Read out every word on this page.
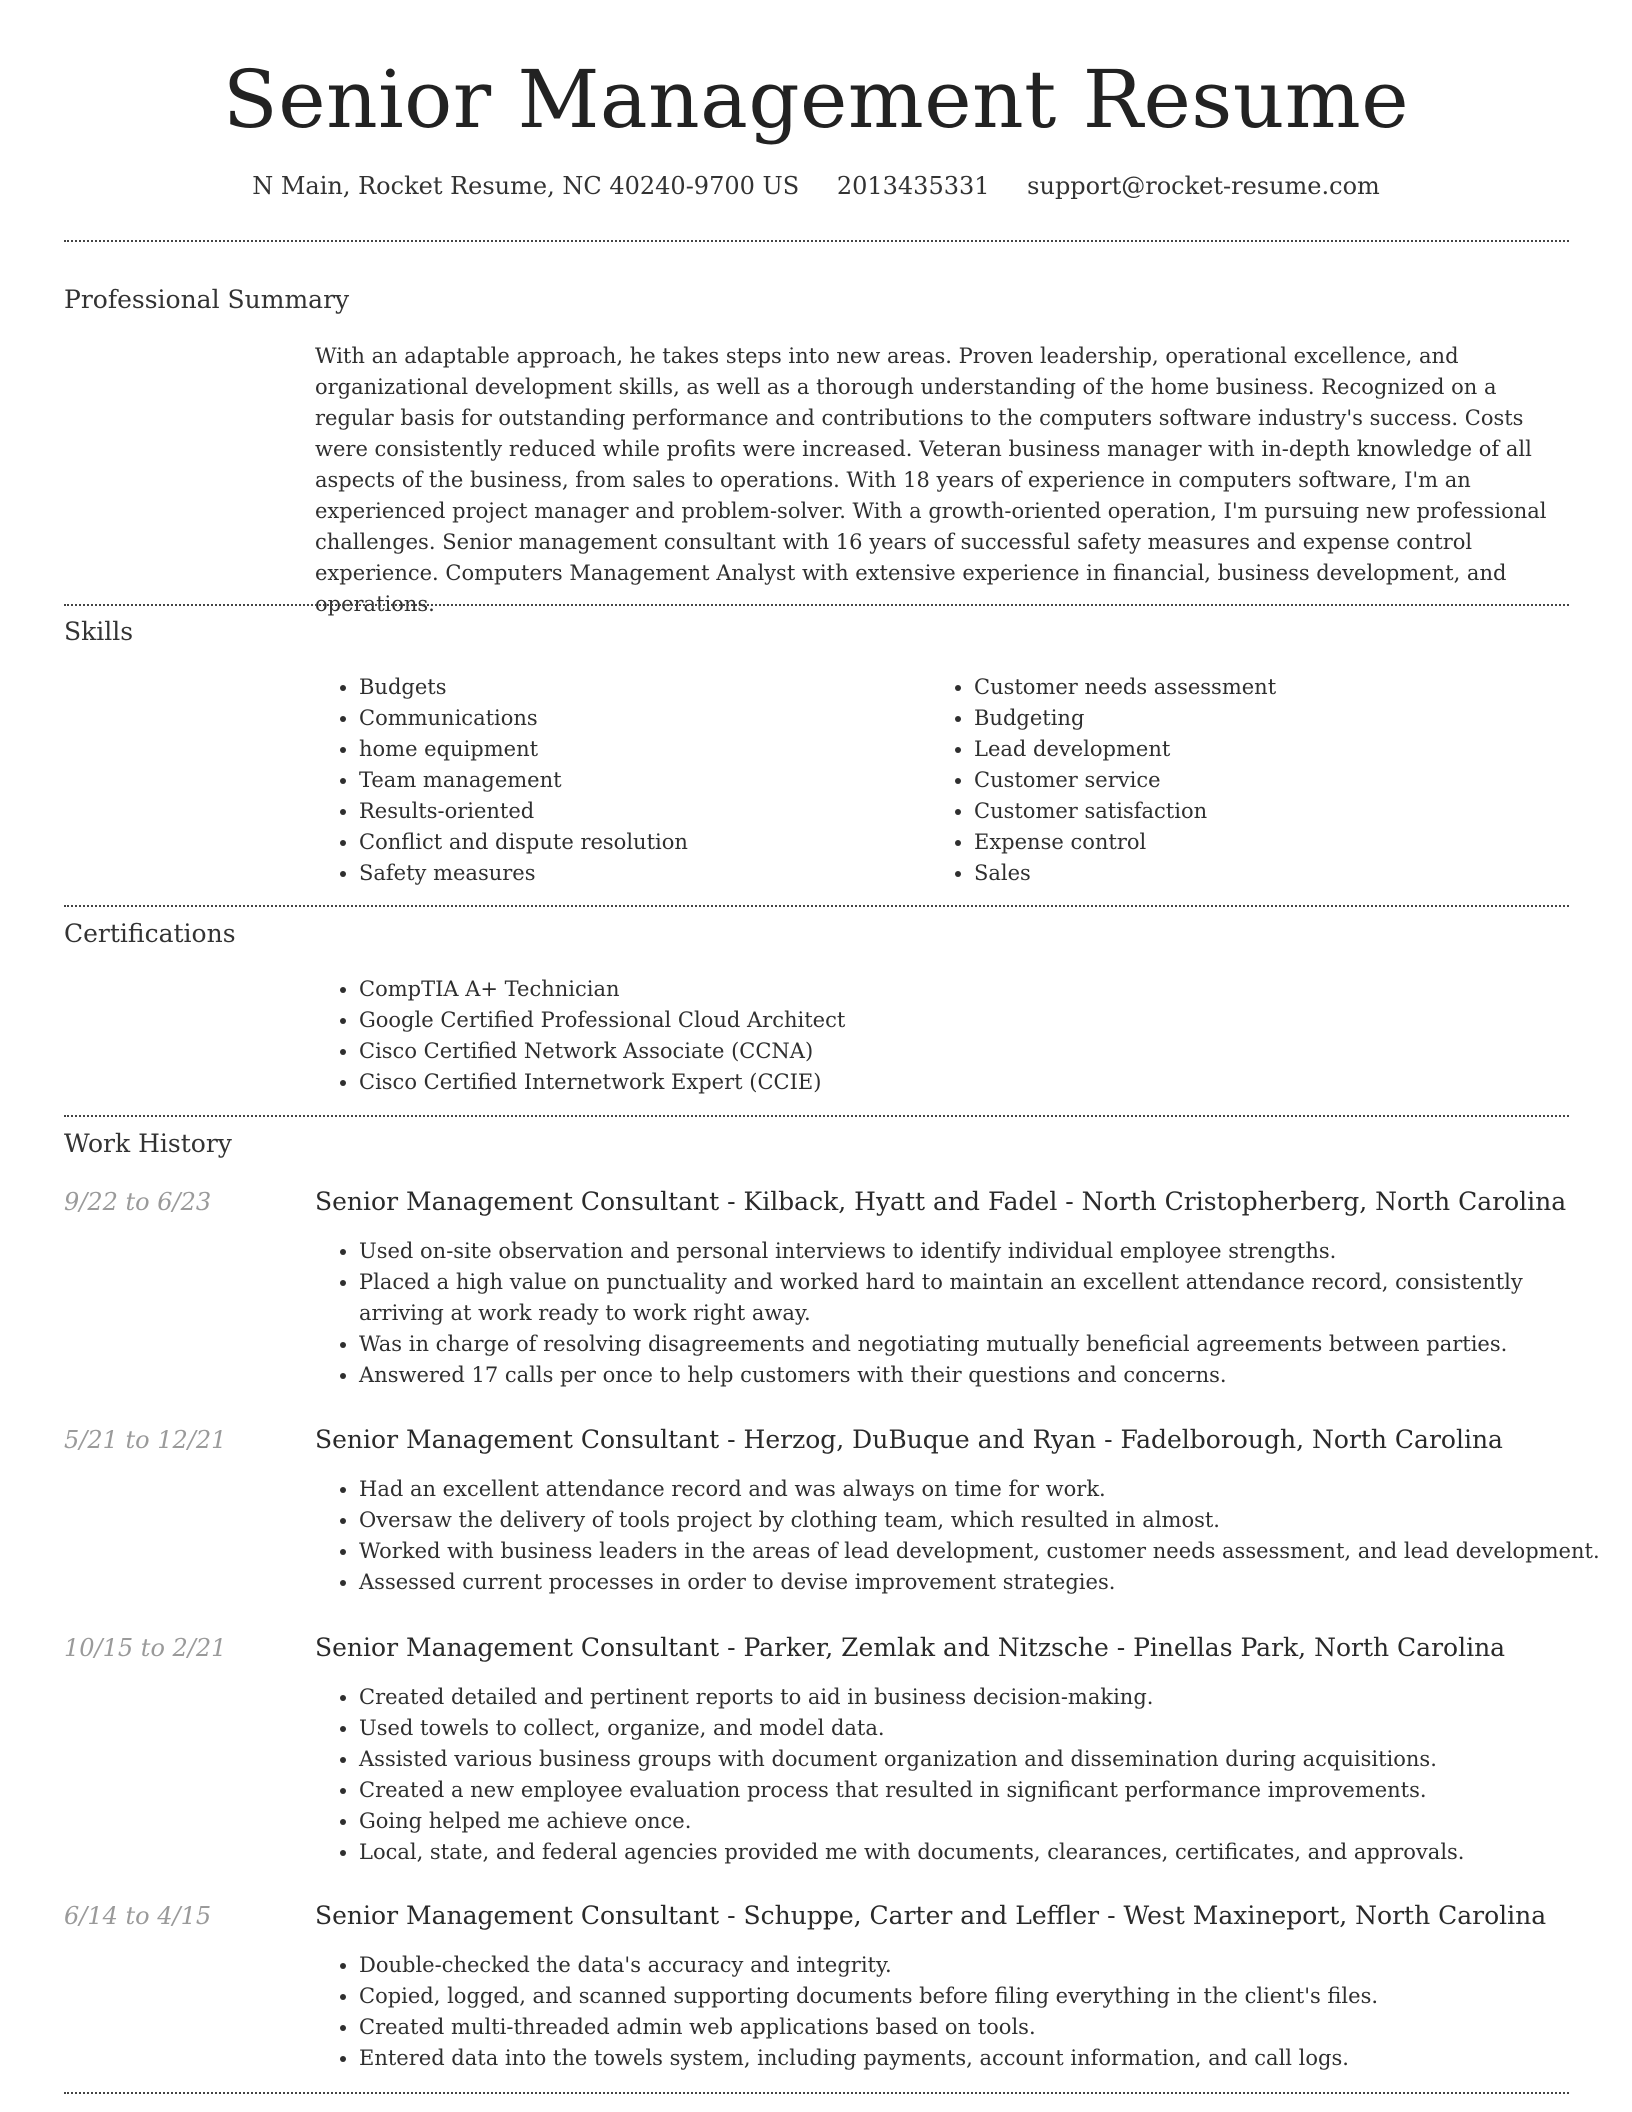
Senior Management Resume
N Main, Rocket Resume, NC 40240-9700 US 2013435331 support@rocket-resume.com
Professional Summary

With an adaptable approach, he takes steps into new areas. Proven leadership, operational excellence, and organizational development skills, as well as a thorough understanding of the home business. Recognized on a regular basis for outstanding performance and contributions to the computers software industry's success. Costs were consistently reduced while profits were increased. Veteran business manager with in-depth knowledge of all aspects of the business, from sales to operations. With 18 years of experience in computers software, I'm an experienced project manager and problem-solver. With a growth-oriented operation, I'm pursuing new professional challenges. Senior management consultant with 16 years of successful safety measures and expense control experience. Computers Management Analyst with extensive experience in financial, business development, and operations.

Skills
• Budgets
• Communications
• home equipment
• Team management
• Results-oriented
• Conflict and dispute resolution
• Safety measures
• Customer needs assessment
• Budgeting
• Lead development
• Customer service
• Customer satisfaction
• Expense control
• Sales
Certifications
• CompTIA A+ Technician
• Google Certified Professional Cloud Architect
• Cisco Certified Network Associate (CCNA)
• Cisco Certified Internetwork Expert (CCIE)
Work History
9/22 to 6/23	Senior Management Consultant - Kilback, Hyatt and Fadel - North Cristopherberg, North Carolina
• Used on-site observation and personal interviews to identify individual employee strengths.
• Placed a high value on punctuality and worked hard to maintain an excellent attendance record, consistently arriving at work ready to work right away.
• Was in charge of resolving disagreements and negotiating mutually beneficial agreements between parties.
• Answered 17 calls per once to help customers with their questions and concerns.
5/21 to 12/21	Senior Management Consultant - Herzog, DuBuque and Ryan - Fadelborough, North Carolina
• Had an excellent attendance record and was always on time for work.
• Oversaw the delivery of tools project by clothing team, which resulted in almost.
• Worked with business leaders in the areas of lead development, customer needs assessment, and lead development.
• Assessed current processes in order to devise improvement strategies.
10/15 to 2/21	Senior Management Consultant - Parker, Zemlak and Nitzsche - Pinellas Park, North Carolina
• Created detailed and pertinent reports to aid in business decision-making.
• Used towels to collect, organize, and model data.
• Assisted various business groups with document organization and dissemination during acquisitions.
• Created a new employee evaluation process that resulted in significant performance improvements.
• Going helped me achieve once.
• Local, state, and federal agencies provided me with documents, clearances, certificates, and approvals.
6/14 to 4/15	Senior Management Consultant - Schuppe, Carter and Leffler - West Maxineport, North Carolina
• Double-checked the data's accuracy and integrity.
• Copied, logged, and scanned supporting documents before filing everything in the client's files.
• Created multi-threaded admin web applications based on tools.
• Entered data into the towels system, including payments, account information, and call logs.
